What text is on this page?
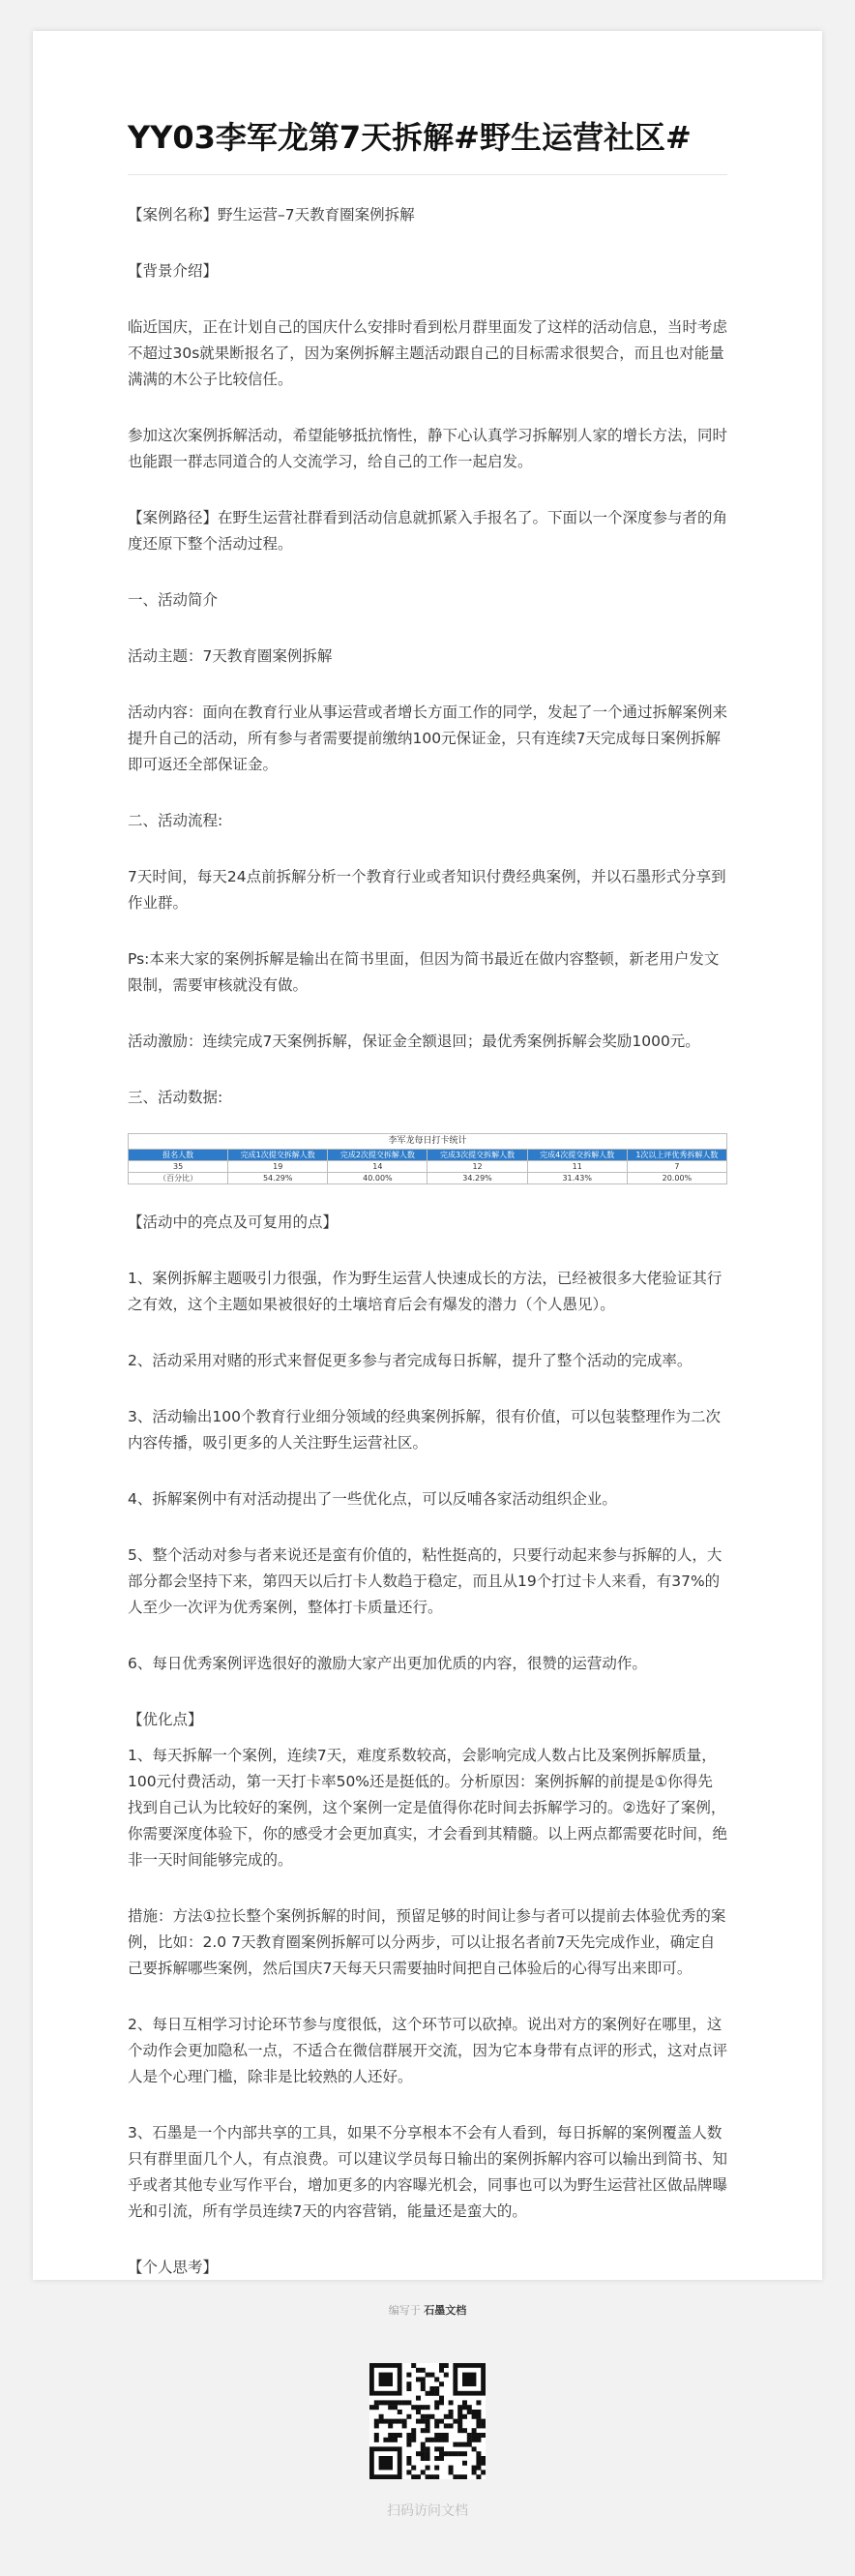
YY03李军龙第7天拆解#野生运营社区#

【案例名称】野生运营–7天教育圈案例拆解

【背景介绍】

临近国庆，正在计划自己的国庆什么安排时看到松月群里面发了这样的活动信息，当时考虑不超过30s就果断报名了，因为案例拆解主题活动跟自己的目标需求很契合，而且也对能量满满的木公子比较信任。

参加这次案例拆解活动，希望能够抵抗惰性，静下心认真学习拆解别人家的增长方法，同时也能跟一群志同道合的人交流学习，给自己的工作一起启发。

【案例路径】在野生运营社群看到活动信息就抓紧入手报名了。下面以一个深度参与者的角度还原下整个活动过程。

一、活动简介

活动主题：7天教育圈案例拆解

活动内容：面向在教育行业从事运营或者增长方面工作的同学，发起了一个通过拆解案例来提升自己的活动，所有参与者需要提前缴纳100元保证金，只有连续7天完成每日案例拆解即可返还全部保证金。

二、活动流程:

7天时间，每天24点前拆解分析一个教育行业或者知识付费经典案例，并以石墨形式分享到作业群。

Ps:本来大家的案例拆解是输出在简书里面，但因为简书最近在做内容整顿，新老用户发文限制，需要审核就没有做。

活动激励：连续完成7天案例拆解，保证金全额退回；最优秀案例拆解会奖励1000元。

三、活动数据:

李军龙每日打卡统计
报名人数	完成1次提交拆解人数	完成2次提交拆解人数	完成3次提交拆解人数	完成4次提交拆解人数	1次以上评优秀拆解人数
35	19	14	12	11	7
（百分比）	54.29%	40.00%	34.29%	31.43%	20.00%

【活动中的亮点及可复用的点】

1、案例拆解主题吸引力很强，作为野生运营人快速成长的方法，已经被很多大佬验证其行之有效，这个主题如果被很好的土壤培育后会有爆发的潜力（个人愚见）。

2、活动采用对赌的形式来督促更多参与者完成每日拆解，提升了整个活动的完成率。

3、活动输出100个教育行业细分领域的经典案例拆解，很有价值，可以包装整理作为二次内容传播，吸引更多的人关注野生运营社区。

4、拆解案例中有对活动提出了一些优化点，可以反哺各家活动组织企业。

5、整个活动对参与者来说还是蛮有价值的，粘性挺高的，只要行动起来参与拆解的人，大部分都会坚持下来，第四天以后打卡人数趋于稳定，而且从19个打过卡人来看，有37%的人至少一次评为优秀案例，整体打卡质量还行。

6、每日优秀案例评选很好的激励大家产出更加优质的内容，很赞的运营动作。

【优化点】

1、每天拆解一个案例，连续7天，难度系数较高，会影响完成人数占比及案例拆解质量，100元付费活动，第一天打卡率50%还是挺低的。分析原因：案例拆解的前提是①你得先找到自己认为比较好的案例，这个案例一定是值得你花时间去拆解学习的。②选好了案例，你需要深度体验下，你的感受才会更加真实，才会看到其精髓。以上两点都需要花时间，绝非一天时间能够完成的。

措施：方法①拉长整个案例拆解的时间，预留足够的时间让参与者可以提前去体验优秀的案例，比如：2.0 7天教育圈案例拆解可以分两步，可以让报名者前7天先完成作业，确定自己要拆解哪些案例，然后国庆7天每天只需要抽时间把自己体验后的心得写出来即可。

2、每日互相学习讨论环节参与度很低，这个环节可以砍掉。说出对方的案例好在哪里，这个动作会更加隐私一点，不适合在微信群展开交流，因为它本身带有点评的形式，这对点评人是个心理门槛，除非是比较熟的人还好。

3、石墨是一个内部共享的工具，如果不分享根本不会有人看到，每日拆解的案例覆盖人数只有群里面几个人，有点浪费。可以建议学员每日输出的案例拆解内容可以输出到简书、知乎或者其他专业写作平台，增加更多的内容曝光机会，同事也可以为野生运营社区做品牌曝光和引流，所有学员连续7天的内容营销，能量还是蛮大的。

【个人思考】

编写于 石墨文档
扫码访问文档
